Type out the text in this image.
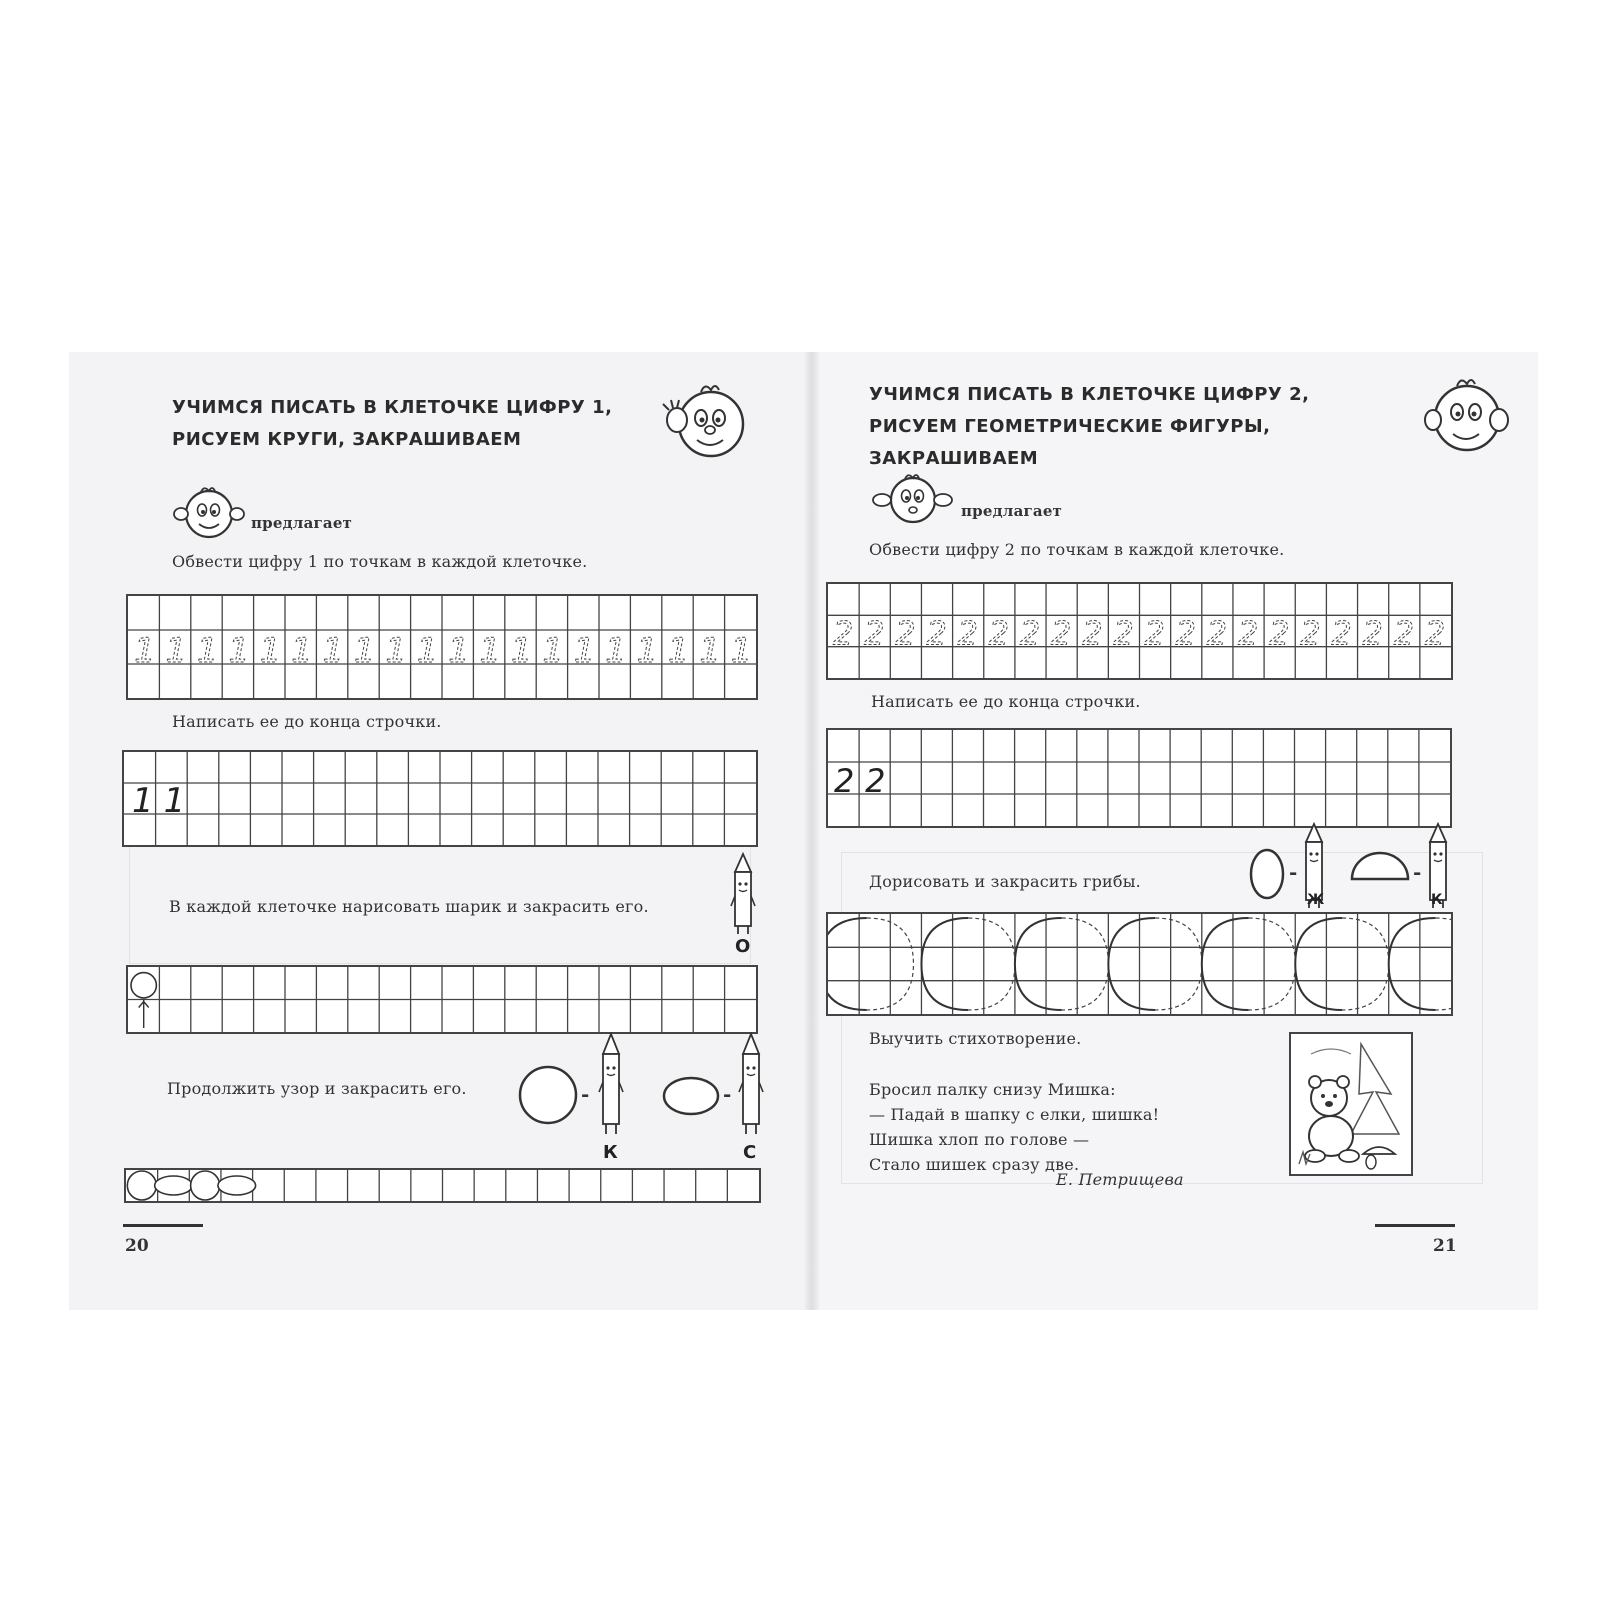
УЧИМСЯ ПИСАТЬ В КЛЕТОЧКЕ ЦИФРУ 1,
РИСУЕМ КРУГИ, ЗАКРАШИВАЕМ
предлагает
Обвести цифру 1 по точкам в каждой клеточке.
1 1 1 1 1 1 1 1 1 1 1 1 1 1 1 1 1 1 1 1
Написать ее до конца строчки.
1 1
В каждой клеточке нарисовать шарик и закрасить его.
О
Продолжить узор и закрасить его.	-
К
-
С
20
УЧИМСЯ ПИСАТЬ В КЛЕТОЧКЕ ЦИФРУ 2,
РИСУЕМ ГЕОМЕТРИЧЕСКИЕ ФИГУРЫ,
ЗАКРАШИВАЕМ
предлагает
Обвести цифру 2 по точкам в каждой клеточке.
2 2 2 2 2 2 2 2 2 2 2 2 2 2 2 2 2 2 2 2
Написать ее до конца строчки.
2 2
Дорисовать и закрасить грибы.	-
Ж
-
К
Выучить стихотворение.

Бросил палку снизу Мишка:

— Падай в шапку с елки, шишка!

Шишка хлоп по голове —

Стало шишек сразу две.

Е. Петрищева
21
